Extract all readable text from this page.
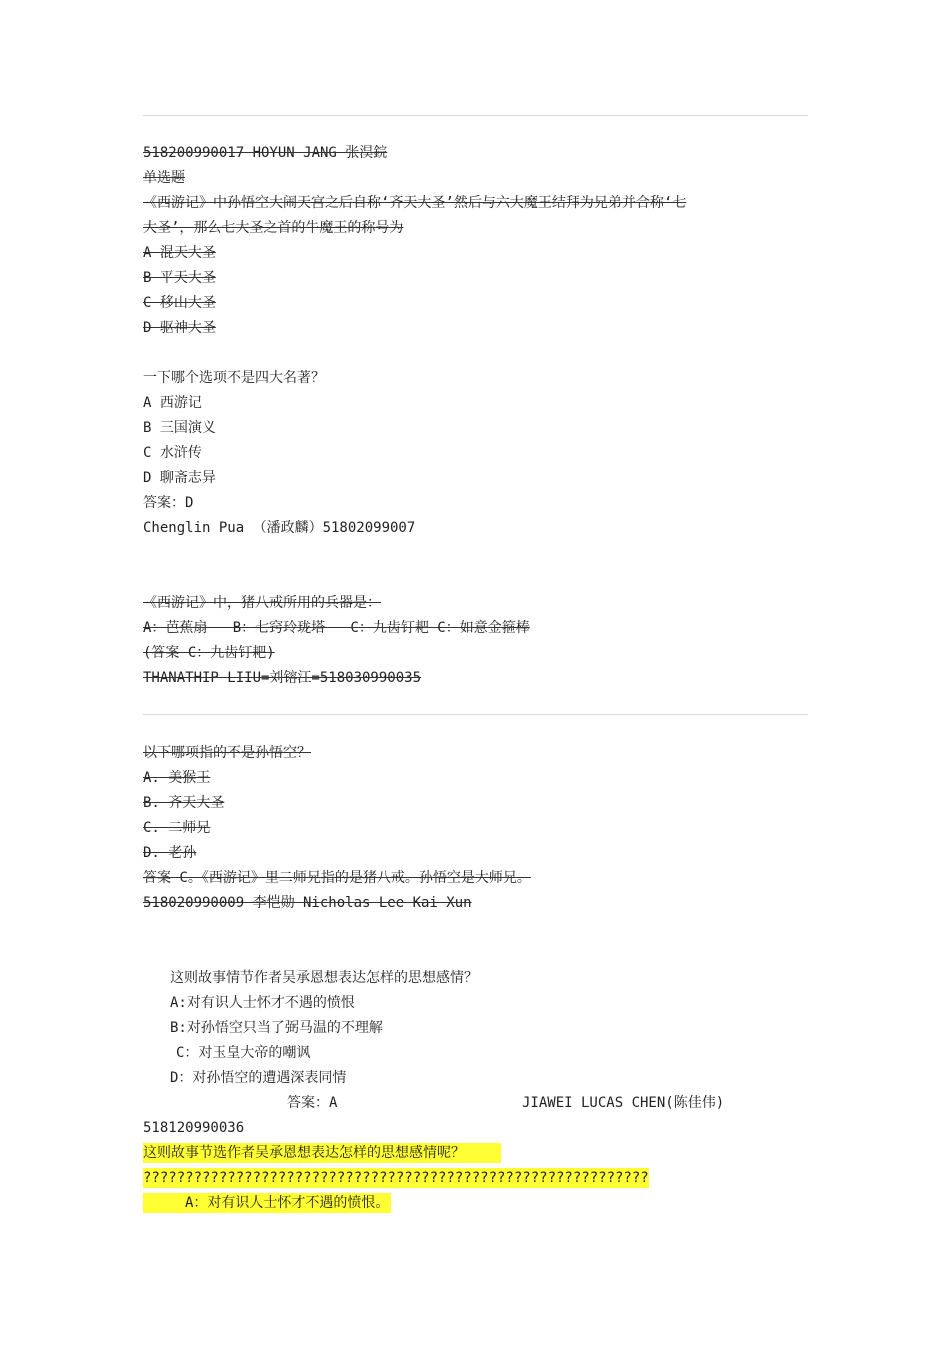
518200990017 HOYUN JANG 张淏鋎
单选题
《西游记》中孙悟空大闹天宫之后自称‘齐天大圣’然后与六大魔王结拜为兄弟并合称‘七
大圣’，那么七大圣之首的牛魔王的称号为
A 混天大圣
B 平天大圣
C 移山大圣
D 驱神大圣
一下哪个选项不是四大名著？
A 西游记
B 三国演义
C 水浒传
D 聊斋志异
答案：D
Chenglin Pua （潘政麟）51802099007
《西游记》中，猪八戒所用的兵器是：
A：芭蕉扇   B：七窍玲珑塔   C：九齿钉耙 C：如意金箍棒
(答案 C：九齿钉耙)
THANATHIP LIIU=刘镕江=518030990035
以下哪项指的不是孙悟空？
A. 美猴王
B. 齐天大圣
C. 二师兄
D. 老孙
答案 C。《西游记》里二师兄指的是猪八戒。孙悟空是大师兄。
518020990009 李恺勋 Nicholas Lee Kai Xun
这则故事情节作者吴承恩想表达怎样的思想感情？
A:对有识人士怀才不遇的愤恨
B:对孙悟空只当了弼马温的不理解
C：对玉皇大帝的嘲讽
D：对孙悟空的遭遇深表同情
答案：A	JIAWEI LUCAS CHEN(陈佳伟)
518120990036
这则故事节选作者吴承恩想表达怎样的思想感情呢？
????????????????????????????????????????????????????????????
A：对有识人士怀才不遇的愤恨。
